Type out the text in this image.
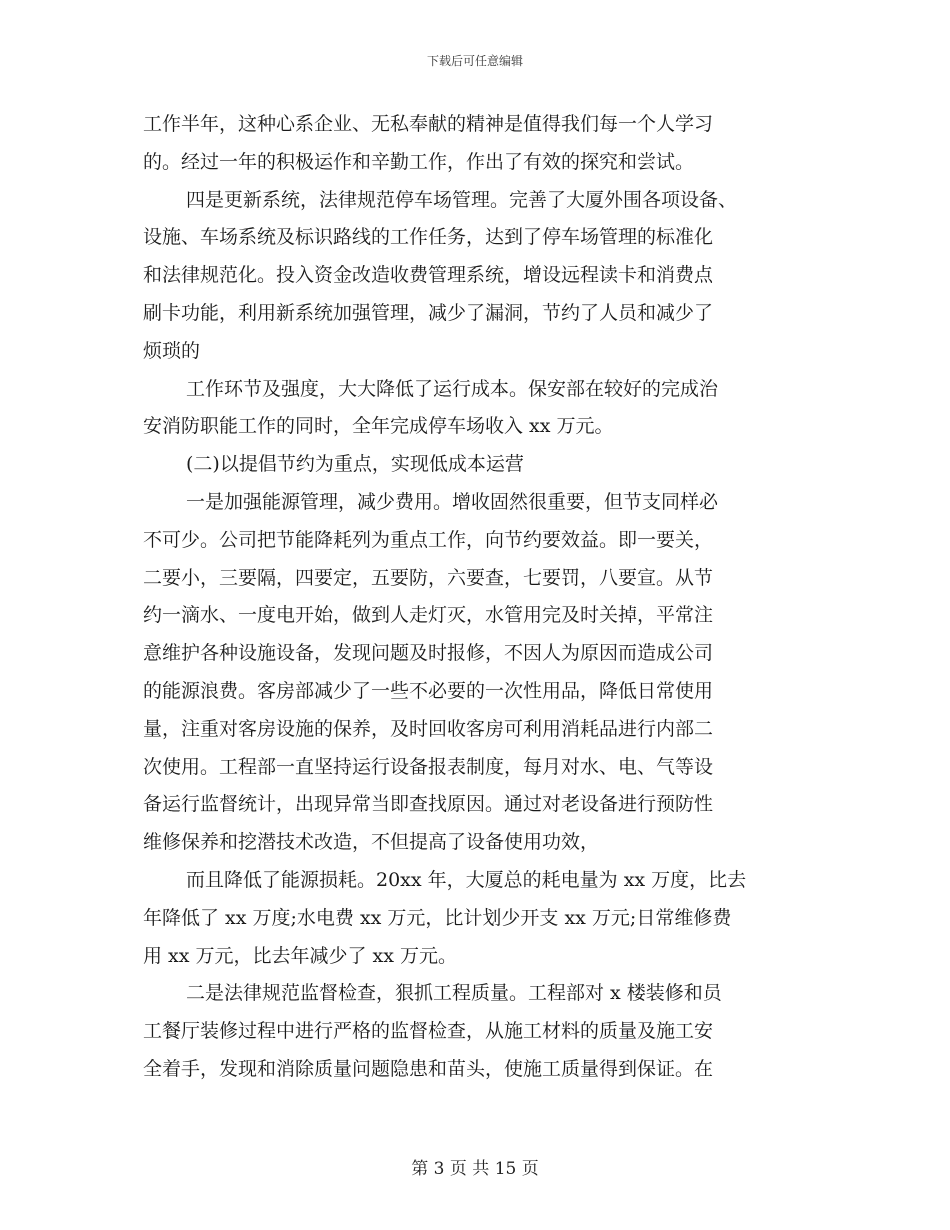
下载后可任意编辑
工作半年，这种心系企业、无私奉献的精神是值得我们每一个人学习
的。经过一年的积极运作和辛勤工作，作出了有效的探究和尝试。
四是更新系统，法律规范停车场管理。完善了大厦外围各项设备、
设施、车场系统及标识路线的工作任务，达到了停车场管理的标准化
和法律规范化。投入资金改造收费管理系统，增设远程读卡和消费点
刷卡功能，利用新系统加强管理，减少了漏洞，节约了人员和减少了
烦琐的
工作环节及强度，大大降低了运行成本。保安部在较好的完成治
安消防职能工作的同时，全年完成停车场收入 xx 万元。
(二)以提倡节约为重点，实现低成本运营
一是加强能源管理，减少费用。增收固然很重要，但节支同样必
不可少。公司把节能降耗列为重点工作，向节约要效益。即一要关，
二要小，三要隔，四要定，五要防，六要查，七要罚，八要宣。从节
约一滴水、一度电开始，做到人走灯灭，水管用完及时关掉，平常注
意维护各种设施设备，发现问题及时报修，不因人为原因而造成公司
的能源浪费。客房部减少了一些不必要的一次性用品，降低日常使用
量，注重对客房设施的保养，及时回收客房可利用消耗品进行内部二
次使用。工程部一直坚持运行设备报表制度，每月对水、电、气等设
备运行监督统计，出现异常当即查找原因。通过对老设备进行预防性
维修保养和挖潜技术改造，不但提高了设备使用功效，
而且降低了能源损耗。20xx 年，大厦总的耗电量为 xx 万度，比去
年降低了 xx 万度;水电费 xx 万元，比计划少开支 xx 万元;日常维修费
用 xx 万元，比去年减少了 xx 万元。
二是法律规范监督检查，狠抓工程质量。工程部对 x 楼装修和员
工餐厅装修过程中进行严格的监督检查，从施工材料的质量及施工安
全着手，发现和消除质量问题隐患和苗头，使施工质量得到保证。在
第 3 页 共 15 页
